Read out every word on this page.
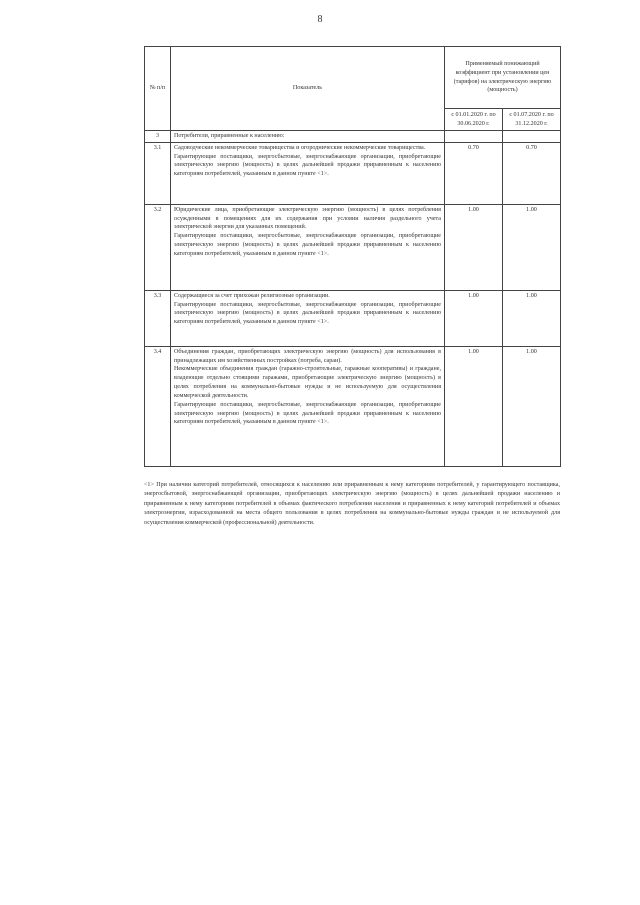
8
№ п/п	Показатель	Применяемый понижающий коэффициент при установлении цен (тарифов) на электрическую энергию (мощность)	
		с 01.01.2020 г. по 30.06.2020 г.	с 01.07.2020 г. по 31.12.2020 г.
3	Потребители, приравненные к населению:		
3.1	Садоводческие некоммерческие товарищества и огороднические некоммерческие товарищества.
Гарантирующие поставщики, энергосбытовые, энергоснабжающие организации, приобретающие электрическую энергию (мощность) в целях дальнейшей продажи приравненным к населению категориям потребителей, указанным в данном пункте <1>.	0.70	0.70
3.2	Юридические лица, приобретающие электрическую энергию (мощность) в целях потребления осужденными в помещениях для их содержания при условии наличия раздельного учета электрической энергии для указанных помещений.
Гарантирующие поставщики, энергосбытовые, энергоснабжающие организации, приобретающие электрическую энергию (мощность) в целях дальнейшей продажи приравненным к населению категориям потребителей, указанным в данном пункте <1>.	1.00	1.00
3.3	Содержащиеся за счет прихожан религиозные организации.
Гарантирующие поставщики, энергосбытовые, энергоснабжающие организации, приобретающие электрическую энергию (мощность) в целях дальнейшей продажи приравненным к населению категориям потребителей, указанным в данном пункте <1>.	1.00	1.00
3.4	Объединения граждан, приобретающих электрическую энергию (мощность) для использования в принадлежащих им хозяйственных постройках (погреба, сараи).
Некоммерческие объединения граждан (гаражно-строительные, гаражные кооперативы) и граждане, владеющие отдельно стоящими гаражами, приобретающие электрическую энергию (мощность) в целях потребления на коммунально-бытовые нужды и не используемую для осуществления коммерческой деятельности.
Гарантирующие поставщики, энергосбытовые, энергоснабжающие организации, приобретающие электрическую энергию (мощность) в целях дальнейшей продажи приравненным к населению категориям потребителей, указанным в данном пункте <1>.	1.00	1.00
<1> При наличии категорий потребителей, относящихся к населению или приравненным к нему категориям потребителей, у гарантирующего поставщика, энергосбытовой, энергоснабжающей организации, приобретающих электрическую энергию (мощность) в целях дальнейшей продажи населению и приравненным к нему категориям потребителей в объемах фактического потребления населения и приравненных к нему категорий потребителей и объемах электроэнергии, израсходованной на места общего пользования в целях потребления на коммунально-бытовые нужды граждан и не используемой для осуществления коммерческой (профессиональной) деятельности.
